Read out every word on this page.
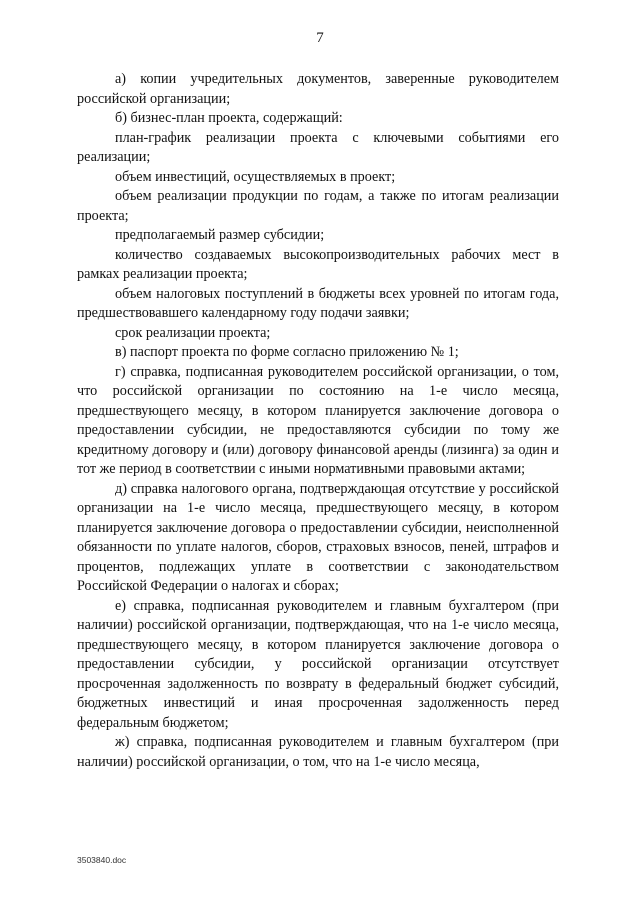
7

а) копии учредительных документов, заверенные руководителем российской организации;

б) бизнес-план проекта, содержащий:

план-график реализации проекта с ключевыми событиями его реализации;

объем инвестиций, осуществляемых в проект;

объем реализации продукции по годам, а также по итогам реализации проекта;

предполагаемый размер субсидии;

количество создаваемых высокопроизводительных рабочих мест в рамках реализации проекта;

объем налоговых поступлений в бюджеты всех уровней по итогам года, предшествовавшего календарному году подачи заявки;

срок реализации проекта;

в) паспорт проекта по форме согласно приложению № 1;

г) справка, подписанная руководителем российской организации, о том, что российской организации по состоянию на 1-е число месяца, предшествующего месяцу, в котором планируется заключение договора о предоставлении субсидии, не предоставляются субсидии по тому же кредитному договору и (или) договору финансовой аренды (лизинга) за один и тот же период в соответствии с иными нормативными правовыми актами;

д) справка налогового органа, подтверждающая отсутствие у российской организации на 1-е число месяца, предшествующего месяцу, в котором планируется заключение договора о предоставлении субсидии, неисполненной обязанности по уплате налогов, сборов, страховых взносов, пеней, штрафов и процентов, подлежащих уплате в соответствии с законодательством Российской Федерации о налогах и сборах;

е) справка, подписанная руководителем и главным бухгалтером (при наличии) российской организации, подтверждающая, что на 1-е число месяца, предшествующего месяцу, в котором планируется заключение договора о предоставлении субсидии, у российской организации отсутствует просроченная задолженность по возврату в федеральный бюджет субсидий, бюджетных инвестиций и иная просроченная задолженность перед федеральным бюджетом;

ж) справка, подписанная руководителем и главным бухгалтером (при наличии) российской организации, о том, что на 1-е число месяца,

3503840.doc
